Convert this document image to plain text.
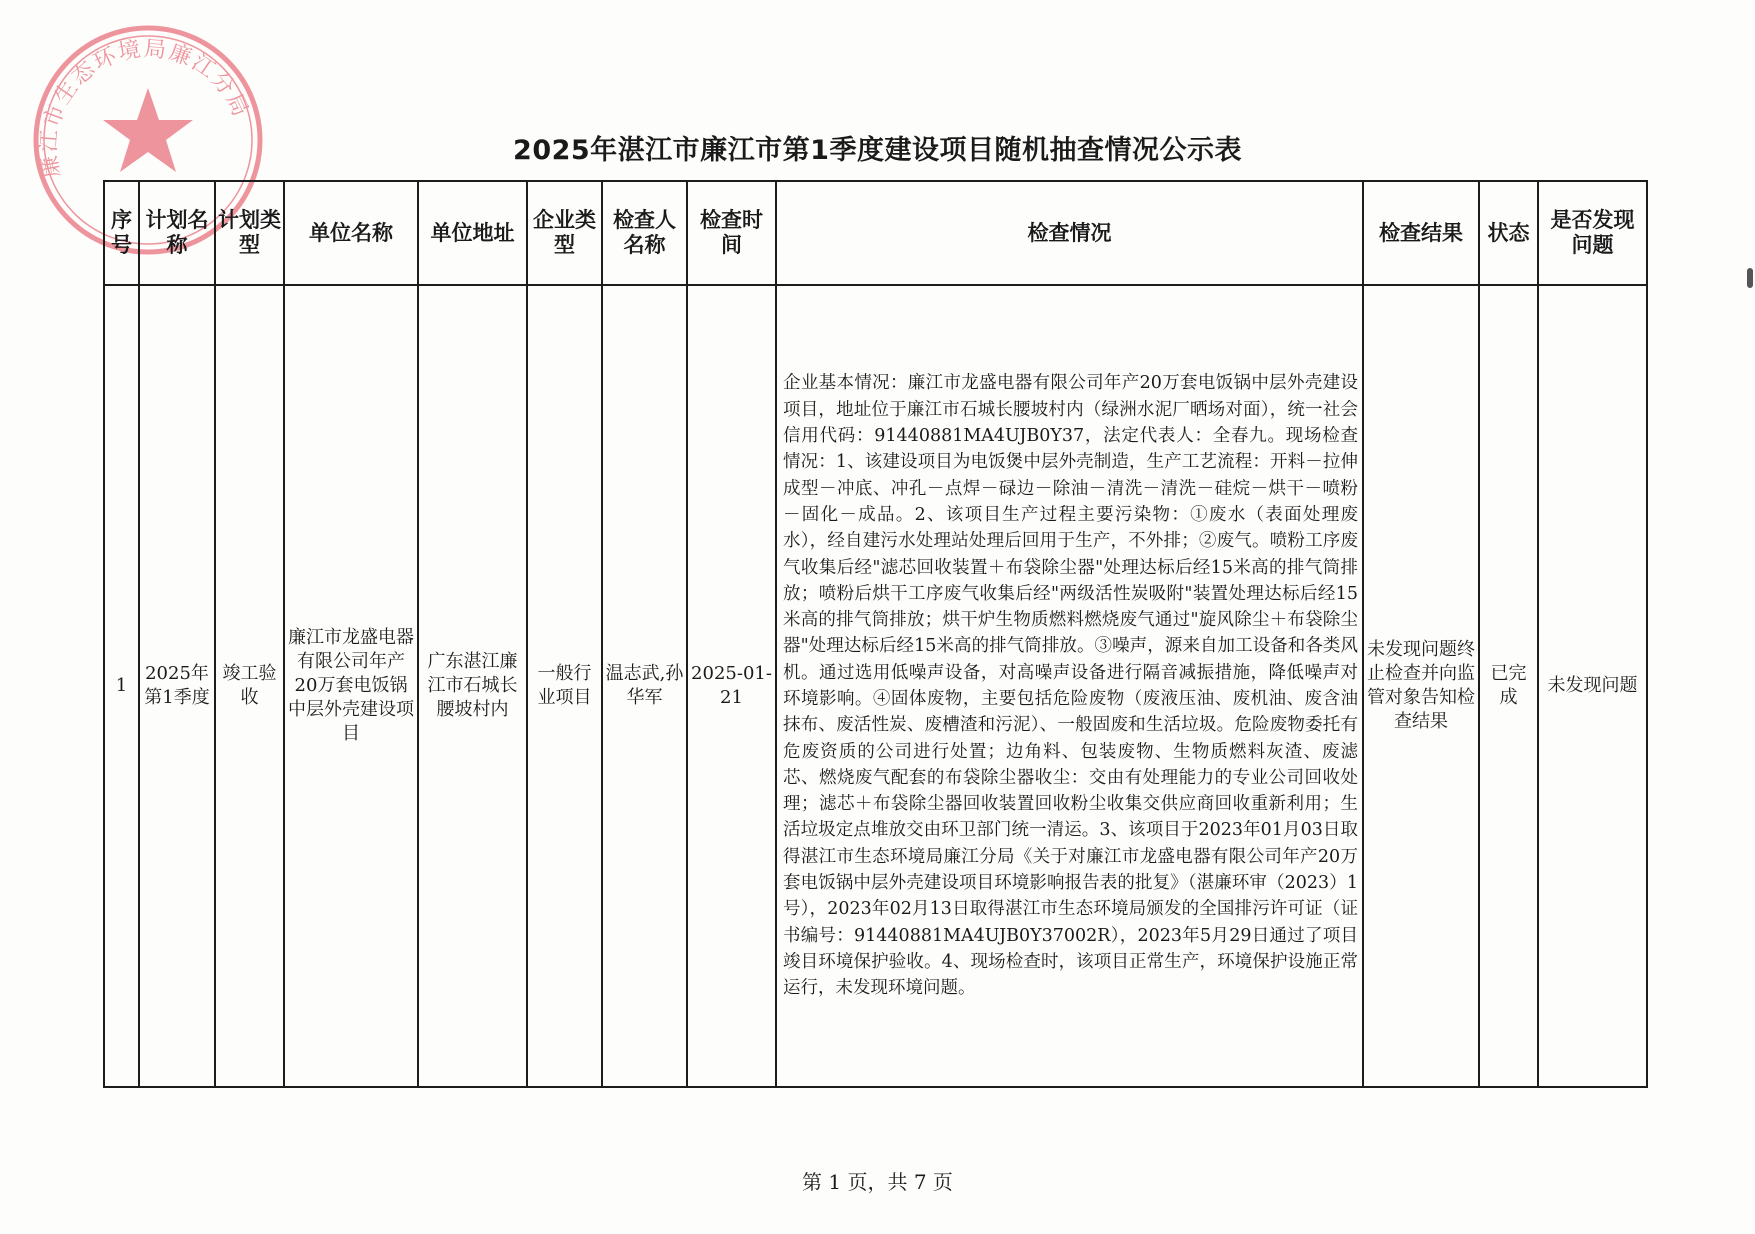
廉江市生态环境局廉江分局
2025年湛江市廉江市第1季度建设项目随机抽查情况公示表
序号	计划名称	计划类型	单位名称	单位地址	企业类型	检查人名称	检查时间	检查情况	检查结果	状态	是否发现问题
1	2025年第1季度	竣工验收	廉江市龙盛电器有限公司年产20万套电饭锅中层外壳建设项目	广东湛江廉江市石城长腰坡村内	一般行业项目	温志武,孙华军	2025-01-21	企业基本情况：廉江市龙盛电器有限公司年产20万套电饭锅中层外壳建设项目，地址位于廉江市石城长腰坡村内（绿洲水泥厂晒场对面），统一社会信用代码：91440881MA4UJB0Y37，法定代表人：全春九。现场检查情况：1、该建设项目为电饭煲中层外壳制造，生产工艺流程：开料－拉伸成型－冲底、冲孔－点焊－碌边－除油－清洗－清洗－硅烷－烘干－喷粉－固化－成品。2、该项目生产过程主要污染物：①废水（表面处理废水），经自建污水处理站处理后回用于生产，不外排；②废气。喷粉工序废气收集后经"滤芯回收装置＋布袋除尘器"处理达标后经15米高的排气筒排放；喷粉后烘干工序废气收集后经"两级活性炭吸附"装置处理达标后经15米高的排气筒排放；烘干炉生物质燃料燃烧废气通过"旋风除尘＋布袋除尘器"处理达标后经15米高的排气筒排放。③噪声，源来自加工设备和各类风机。通过选用低噪声设备，对高噪声设备进行隔音减振措施，降低噪声对环境影响。④固体废物，主要包括危险废物（废液压油、废机油、废含油抹布、废活性炭、废槽渣和污泥）、一般固废和生活垃圾。危险废物委托有危废资质的公司进行处置；边角料、包装废物、生物质燃料灰渣、废滤芯、燃烧废气配套的布袋除尘器收尘：交由有处理能力的专业公司回收处理；滤芯＋布袋除尘器回收装置回收粉尘收集交供应商回收重新利用；生活垃圾定点堆放交由环卫部门统一清运。3、该项目于2023年01月03日取得湛江市生态环境局廉江分局《关于对廉江市龙盛电器有限公司年产20万套电饭锅中层外壳建设项目环境影响报告表的批复》（湛廉环审（2023）1号），2023年02月13日取得湛江市生态环境局颁发的全国排污许可证（证书编号：91440881MA4UJB0Y37002R），2023年5月29日通过了项目竣目环境保护验收。4、现场检查时，该项目正常生产，环境保护设施正常运行，未发现环境问题。	未发现问题终止检查并向监管对象告知检查结果	已完成	未发现问题
第 1 页，共 7 页
